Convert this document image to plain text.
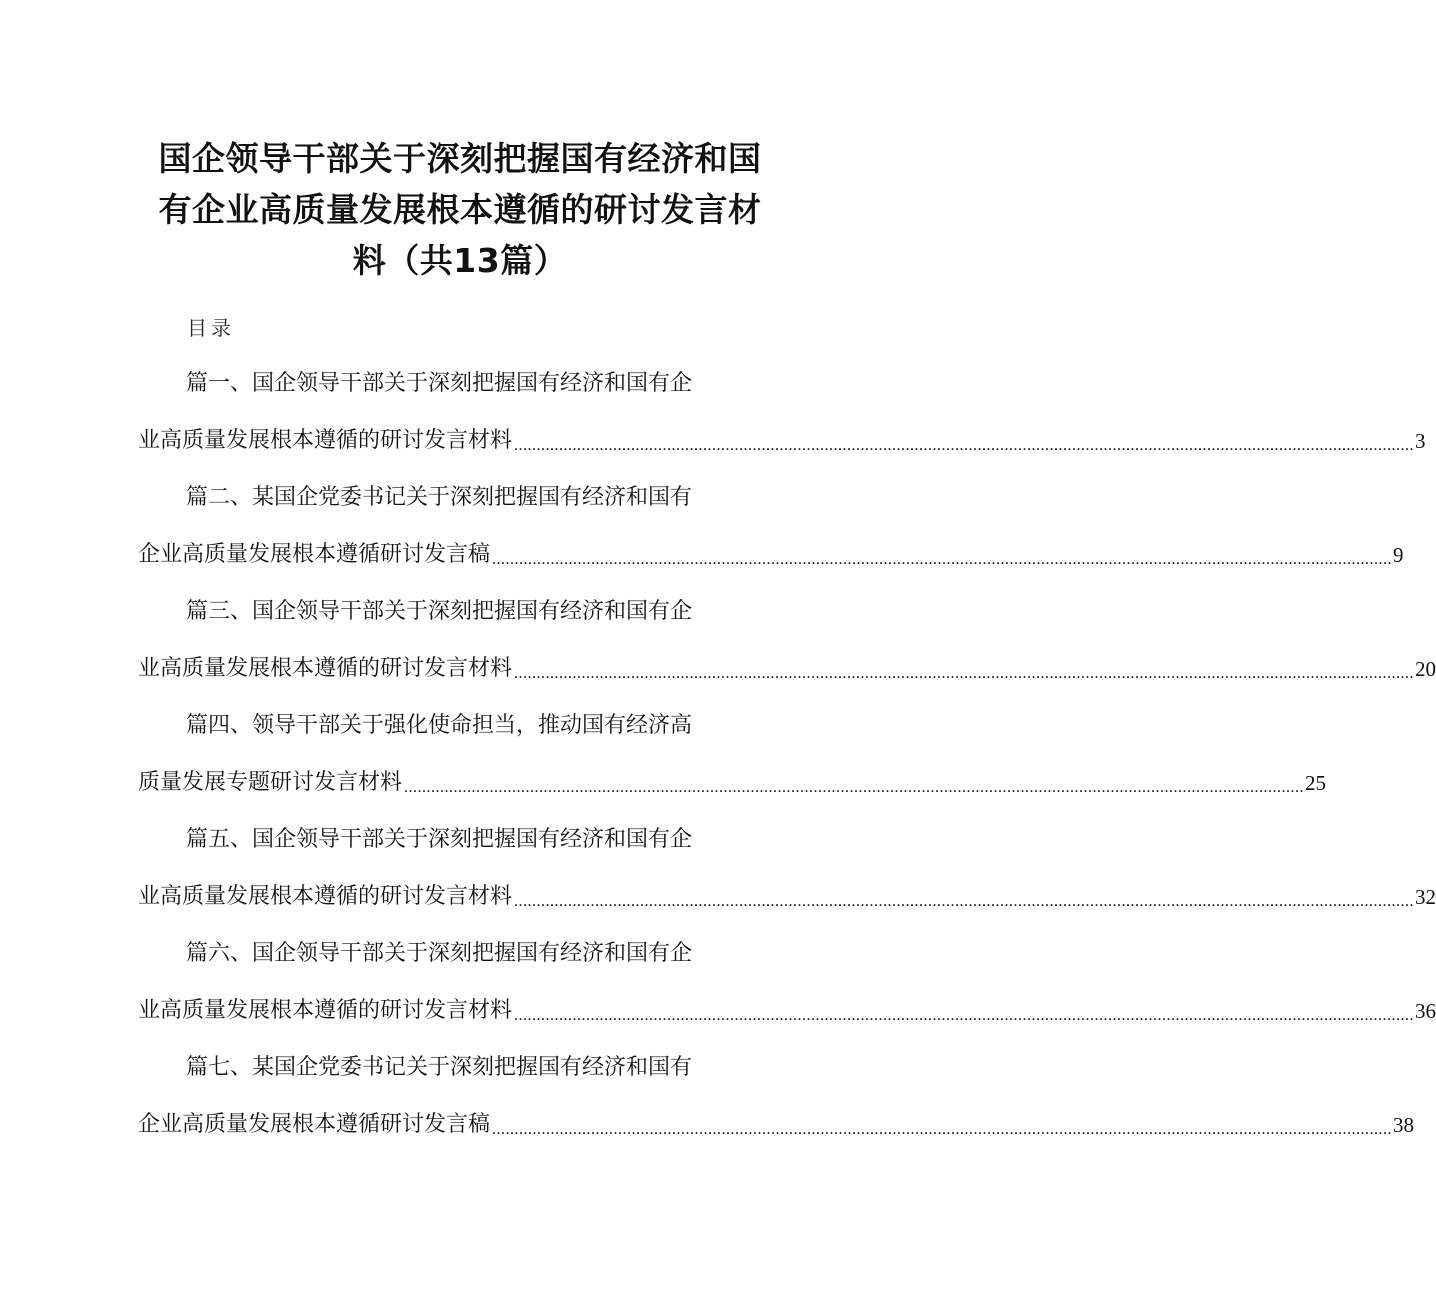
国企领导干部关于深刻把握国有经济和国
有企业高质量发展根本遵循的研讨发言材
料（共13篇）
目录
篇一、国企领导干部关于深刻把握国有经济和国有企
业高质量发展根本遵循的研讨发言材料 ........................................................................................................................................................................................................ 3
篇二、某国企党委书记关于深刻把握国有经济和国有
企业高质量发展根本遵循研讨发言稿 ........................................................................................................................................................................................................ 9
篇三、国企领导干部关于深刻把握国有经济和国有企
业高质量发展根本遵循的研讨发言材料 ........................................................................................................................................................................................................ 20
篇四、领导干部关于强化使命担当，推动国有经济高
质量发展专题研讨发言材料 ........................................................................................................................................................................................................ 25
篇五、国企领导干部关于深刻把握国有经济和国有企
业高质量发展根本遵循的研讨发言材料 ........................................................................................................................................................................................................ 32
篇六、国企领导干部关于深刻把握国有经济和国有企
业高质量发展根本遵循的研讨发言材料 ........................................................................................................................................................................................................ 36
篇七、某国企党委书记关于深刻把握国有经济和国有
企业高质量发展根本遵循研讨发言稿 ........................................................................................................................................................................................................ 38
